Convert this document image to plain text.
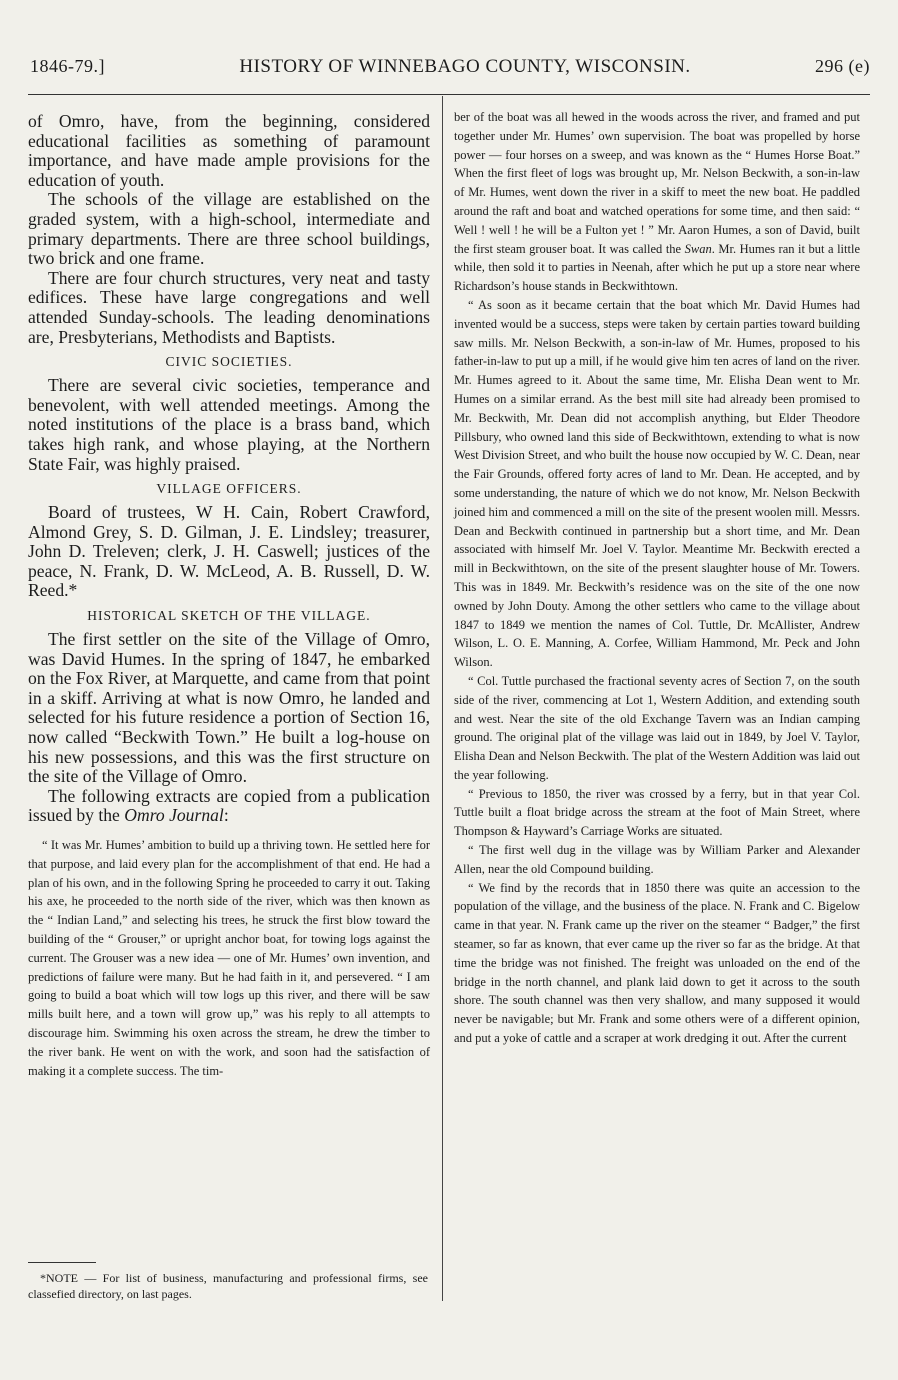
1846-79.]	HISTORY OF WINNEBAGO COUNTY, WISCONSIN.	296 (e)

of Omro, have, from the beginning, considered educational facilities as something of paramount importance, and have made ample provisions for the education of youth.

The schools of the village are established on the graded system, with a high-school, intermediate and primary departments. There are three school buildings, two brick and one frame.

There are four church structures, very neat and tasty edifices. These have large congregations and well attended Sunday-schools. The leading denominations are, Presbyterians, Methodists and Baptists.

CIVIC SOCIETIES.

There are several civic societies, temperance and benevolent, with well attended meetings. Among the noted institutions of the place is a brass band, which takes high rank, and whose playing, at the Northern State Fair, was highly praised.

VILLAGE OFFICERS.

Board of trustees, W H. Cain, Robert Crawford, Almond Grey, S. D. Gilman, J. E. Lindsley; treasurer, John D. Treleven; clerk, J. H. Caswell; justices of the peace, N. Frank, D. W. McLeod, A. B. Russell, D. W. Reed.*

HISTORICAL SKETCH OF THE VILLAGE.

The first settler on the site of the Village of Omro, was David Humes. In the spring of 1847, he embarked on the Fox River, at Marquette, and came from that point in a skiff. Arriving at what is now Omro, he landed and selected for his future residence a portion of Section 16, now called “Beckwith Town.” He built a log-house on his new possessions, and this was the first structure on the site of the Village of Omro.

The following extracts are copied from a publication issued by the Omro Journal:

“ It was Mr. Humes’ ambition to build up a thriving town. He settled here for that purpose, and laid every plan for the accomplishment of that end. He had a plan of his own, and in the following Spring he proceeded to carry it out. Taking his axe, he proceeded to the north side of the river, which was then known as the “ Indian Land,” and selecting his trees, he struck the first blow toward the building of the “ Grouser,” or upright anchor boat, for towing logs against the current. The Grouser was a new idea — one of Mr. Humes’ own invention, and predictions of failure were many. But he had faith in it, and persevered. “ I am going to build a boat which will tow logs up this river, and there will be saw mills built here, and a town will grow up,” was his reply to all attempts to discourage him. Swimming his oxen across the stream, he drew the timber to the river bank. He went on with the work, and soon had the satisfaction of making it a complete success. The tim-

*NOTE — For list of business, manufacturing and professional firms, see classefied directory, on last pages.

ber of the boat was all hewed in the woods across the river, and framed and put together under Mr. Humes’ own supervision. The boat was propelled by horse power — four horses on a sweep, and was known as the “ Humes Horse Boat.” When the first fleet of logs was brought up, Mr. Nelson Beckwith, a son-in-law of Mr. Humes, went down the river in a skiff to meet the new boat. He paddled around the raft and boat and watched operations for some time, and then said: “ Well ! well ! he will be a Fulton yet ! ” Mr. Aaron Humes, a son of David, built the first steam grouser boat. It was called the Swan. Mr. Humes ran it but a little while, then sold it to parties in Neenah, after which he put up a store near where Richardson’s house stands in Beckwithtown.

“ As soon as it became certain that the boat which Mr. David Humes had invented would be a success, steps were taken by certain parties toward building saw mills. Mr. Nelson Beckwith, a son-in-law of Mr. Humes, proposed to his father-in-law to put up a mill, if he would give him ten acres of land on the river. Mr. Humes agreed to it. About the same time, Mr. Elisha Dean went to Mr. Humes on a similar errand. As the best mill site had already been promised to Mr. Beckwith, Mr. Dean did not accomplish anything, but Elder Theodore Pillsbury, who owned land this side of Beckwithtown, extending to what is now West Division Street, and who built the house now occupied by W. C. Dean, near the Fair Grounds, offered forty acres of land to Mr. Dean. He accepted, and by some understanding, the nature of which we do not know, Mr. Nelson Beckwith joined him and commenced a mill on the site of the present woolen mill. Messrs. Dean and Beckwith continued in partnership but a short time, and Mr. Dean associated with himself Mr. Joel V. Taylor. Meantime Mr. Beckwith erected a mill in Beckwithtown, on the site of the present slaughter house of Mr. Towers. This was in 1849. Mr. Beckwith’s residence was on the site of the one now owned by John Douty. Among the other settlers who came to the village about 1847 to 1849 we mention the names of Col. Tuttle, Dr. McAllister, Andrew Wilson, L. O. E. Manning, A. Corfee, William Hammond, Mr. Peck and John Wilson.

“ Col. Tuttle purchased the fractional seventy acres of Section 7, on the south side of the river, commencing at Lot 1, Western Addition, and extending south and west. Near the site of the old Exchange Tavern was an Indian camping ground. The original plat of the village was laid out in 1849, by Joel V. Taylor, Elisha Dean and Nelson Beckwith. The plat of the Western Addition was laid out the year following.

“ Previous to 1850, the river was crossed by a ferry, but in that year Col. Tuttle built a float bridge across the stream at the foot of Main Street, where Thompson & Hayward’s Carriage Works are situated.

“ The first well dug in the village was by William Parker and Alexander Allen, near the old Compound building.

“ We find by the records that in 1850 there was quite an accession to the population of the village, and the business of the place. N. Frank and C. Bigelow came in that year. N. Frank came up the river on the steamer “ Badger,” the first steamer, so far as known, that ever came up the river so far as the bridge. At that time the bridge was not finished. The freight was unloaded on the end of the bridge in the north channel, and plank laid down to get it across to the south shore. The south channel was then very shallow, and many supposed it would never be navigable; but Mr. Frank and some others were of a different opinion, and put a yoke of cattle and a scraper at work dredging it out. After the current
